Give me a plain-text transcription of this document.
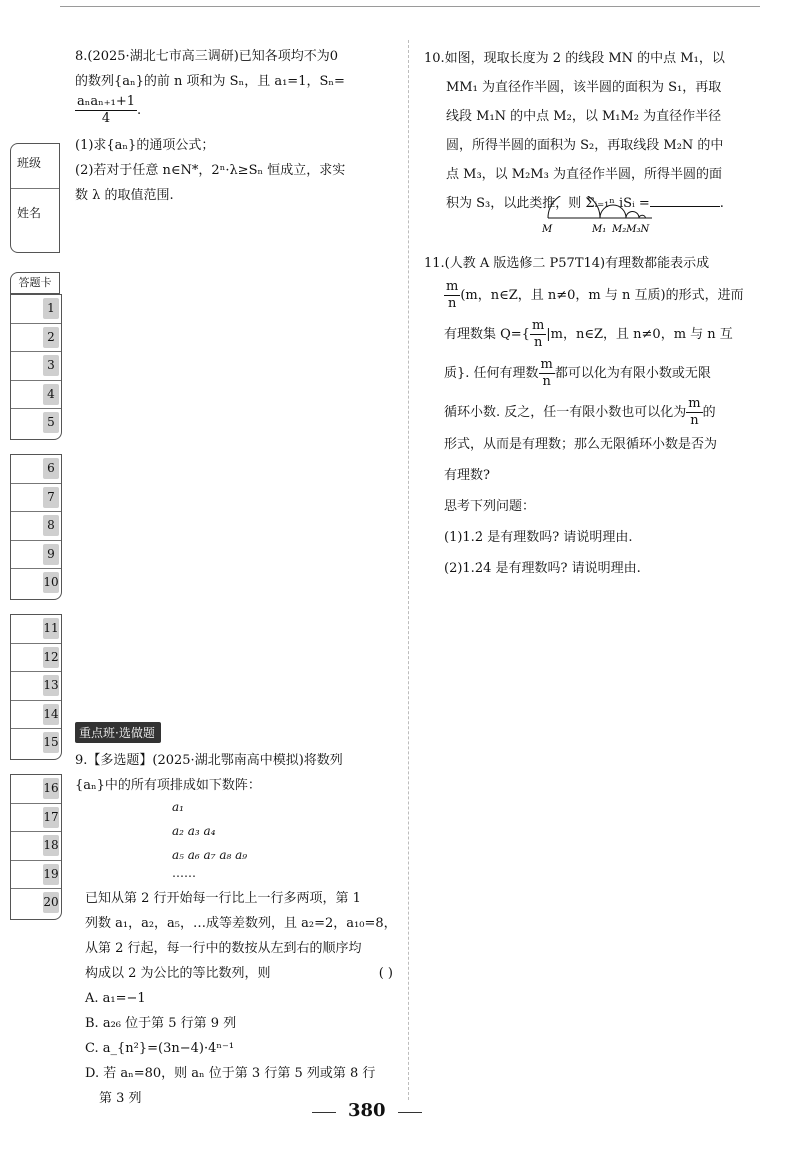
班级
姓名
答题卡
1
2
3
4
5
6
7
8
9
10
11
12
13
14
15
16
17
18
19
20

8.(2025·湖北七市高三调研)已知各项均不为0

的数列{aₙ}的前 n 项和为 Sₙ，且 a₁=1，Sₙ=

$\frac{\text{aₙaₙ₊₁+1}}{4}$ .

(1)求{aₙ}的通项公式；

(2)若对于任意 n∈N*，2ⁿ·λ≥Sₙ 恒成立，求实

数 λ 的取值范围.

重点班·选做题

9.【多选题】(2025·湖北鄂南高中模拟)将数列

{aₙ}中的所有项排成如下数阵：

a₁
a₂ a₃ a₄
a₅ a₆ a₇ a₈ a₉
……

已知从第 2 行开始每一行比上一行多两项，第 1

列数 a₁，a₂，a₅，…成等差数列，且 a₂=2，a₁₀=8，

从第 2 行起，每一行中的数按从左到右的顺序均

构成以 2 为公比的等比数列，则	( )

A. a₁=−1

B. a₂₆ 位于第 5 行第 9 列

C. a_{n²}=(3n−4)·4ⁿ⁻¹

D. 若 aₙ=80，则 aₙ 位于第 3 行第 5 列或第 8 行

第 3 列

10.如图，现取长度为 2 的线段 MN 的中点 M₁，以

MM₁ 为直径作半圆，该半圆的面积为 S₁，再取

线段 M₁N 的中点 M₂，以 M₁M₂ 为直径作半径

圆，所得半圆的面积为 S₂，再取线段 M₂N 的中

点 M₃，以 M₂M₃ 为直径作半圆，所得半圆的面

积为 S₃，以此类推，则 Σᵢ₌₁ⁿ iSᵢ =	.

M	M₁ M₂M₃N

11.(人教 A 版选修二 P57T14)有理数都能表示成

$\frac{m}{n} (m$，n∈Z，且 n≠0，m 与 n 互质)的形式，进而

有理数集 $Q=\{ \frac{m}{n} |m$，n∈Z，且 n≠0，m 与 n 互

质}. 任何有理数 $\frac{m}{n}$ 都可以化为有限小数或无限

循环小数. 反之，任一有限小数也可以化为 $\frac{m}{n}$ 的

形式，从而是有理数；那么无限循环小数是否为

有理数?

思考下列问题：

(1)1.2̇ 是有理数吗? 请说明理由.

(2)1.2̇4̇ 是有理数吗? 请说明理由.

380
